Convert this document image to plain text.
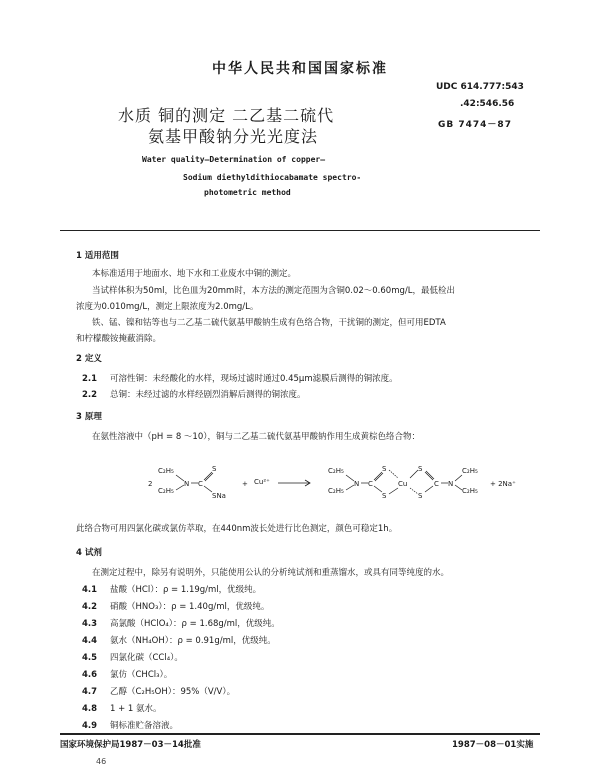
中华人民共和国国家标准
水质 铜的测定 二乙基二硫代
氨基甲酸钠分光光度法
UDC 614.777:543
.42:546.56
GB 7474－87
Water quality—Determination of copper—
Sodium diethyldithiocabamate spectro-
photometric method
1 适用范围
本标准适用于地面水、地下水和工业废水中铜的测定。
当试样体积为50ml，比色皿为20mm时，本方法的测定范围为含铜0.02～0.60mg/L，最低检出
浓度为0.010mg/L，测定上限浓度为2.0mg/L。
铁、锰、镍和钴等也与二乙基二硫代氨基甲酸钠生成有色络合物，干扰铜的测定，但可用EDTA
和柠檬酸铵掩蔽消除。
2 定义
2.1 可溶性铜：未经酸化的水样，现场过滤时通过0.45μm滤膜后测得的铜浓度。
2.2 总铜：未经过滤的水样经剧烈消解后测得的铜浓度。
3 原理
在氨性溶液中（pH = 8 ～10），铜与二乙基二硫代氨基甲酸钠作用生成黄棕色络合物：
2
C₂H₅
C₂H₅
N C
S
SNa
+ Cu²⁺
C₂H₅
C₂H₅
N C
S
S
Cu
S
S
C N
C₂H₅
C₂H₅
+ 2Na⁺
此络合物可用四氯化碳或氯仿萃取，在440nm波长处进行比色测定，颜色可稳定1h。
4 试剂
在测定过程中，除另有说明外，只能使用公认的分析纯试剂和重蒸馏水，或具有同等纯度的水。
4.1 盐酸（HCl）：ρ = 1.19g/ml，优级纯。
4.2 硝酸（HNO₃）：ρ = 1.40g/ml，优级纯。
4.3 高氯酸（HClO₄）：ρ = 1.68g/ml，优级纯。
4.4 氨水（NH₄OH）：ρ = 0.91g/ml，优级纯。
4.5 四氯化碳（CCl₄）。
4.6 氯仿（CHCl₃）。
4.7 乙醇（C₂H₅OH）：95%（V/V）。
4.8 1 + 1 氨水。
4.9 铜标准贮备溶液。
国家环境保护局1987－03－14批准	1987－08－01实施
46
